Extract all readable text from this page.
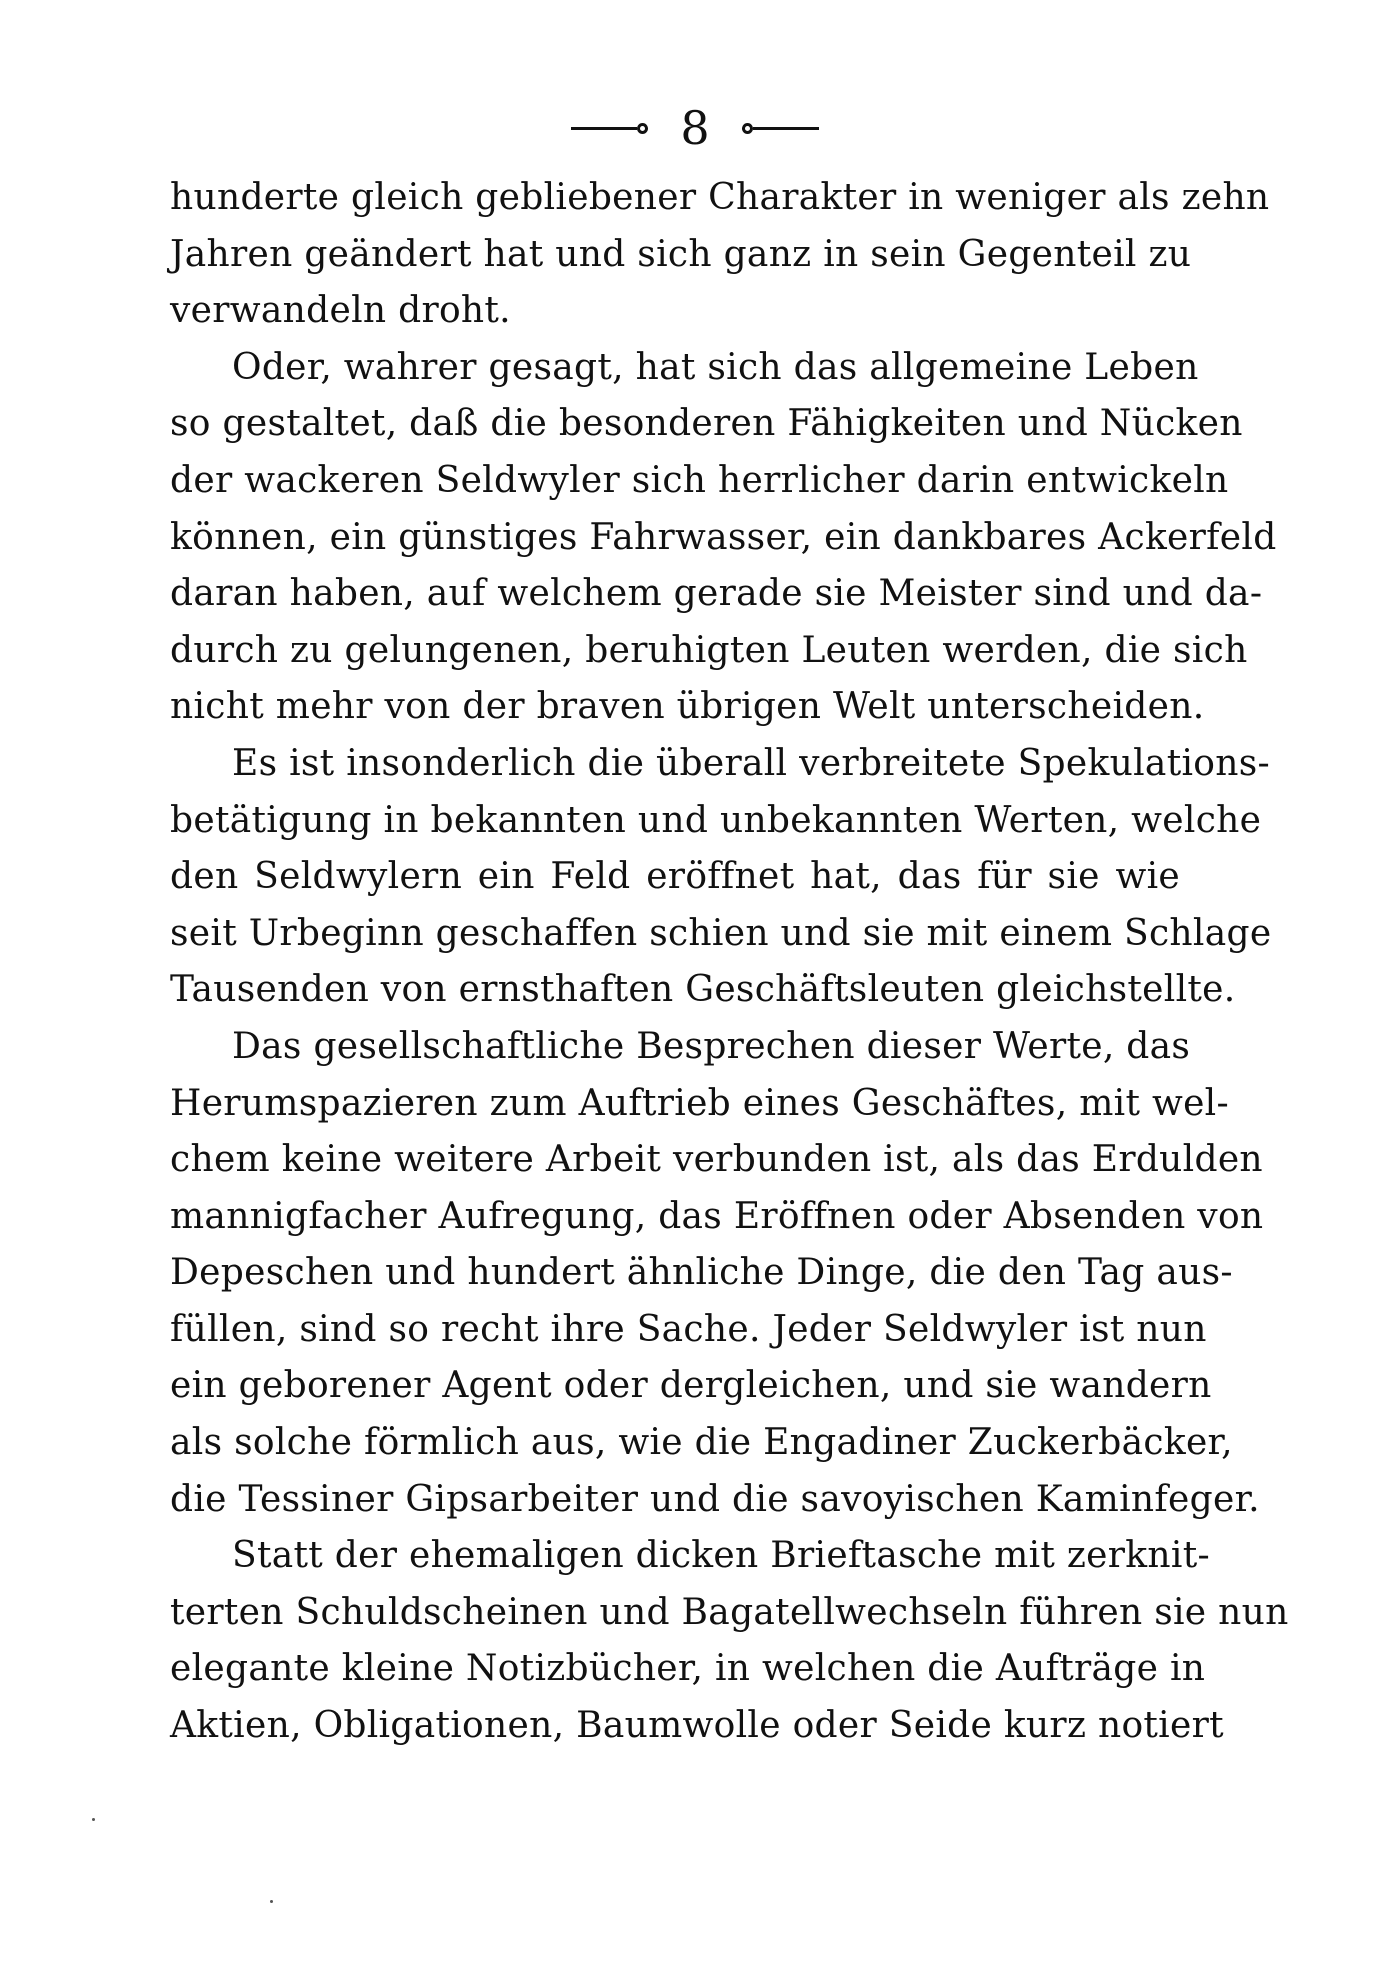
8
hunderte gleich gebliebener Charakter in weniger als zehn
Jahren geändert hat und sich ganz in sein Gegenteil zu
verwandeln droht.
Oder, wahrer gesagt, hat sich das allgemeine Leben
so gestaltet, daß die besonderen Fähigkeiten und Nücken
der wackeren Seldwyler sich herrlicher darin entwickeln
können, ein günstiges Fahrwasser, ein dankbares Ackerfeld
daran haben, auf welchem gerade sie Meister sind und da-
durch zu gelungenen, beruhigten Leuten werden, die sich
nicht mehr von der braven übrigen Welt unterscheiden.
Es ist insonderlich die überall verbreitete Spekulations-
betätigung in bekannten und unbekannten Werten, welche
den Seldwylern ein Feld eröffnet hat, das für sie wie
seit Urbeginn geschaffen schien und sie mit einem Schlage
Tausenden von ernsthaften Geschäftsleuten gleichstellte.
Das gesellschaftliche Besprechen dieser Werte, das
Herumspazieren zum Auftrieb eines Geschäftes, mit wel-
chem keine weitere Arbeit verbunden ist, als das Erdulden
mannigfacher Aufregung, das Eröffnen oder Absenden von
Depeschen und hundert ähnliche Dinge, die den Tag aus-
füllen, sind so recht ihre Sache. Jeder Seldwyler ist nun
ein geborener Agent oder dergleichen, und sie wandern
als solche förmlich aus, wie die Engadiner Zuckerbäcker,
die Tessiner Gipsarbeiter und die savoyischen Kaminfeger.
Statt der ehemaligen dicken Brieftasche mit zerknit-
terten Schuldscheinen und Bagatellwechseln führen sie nun
elegante kleine Notizbücher, in welchen die Aufträge in
Aktien, Obligationen, Baumwolle oder Seide kurz notiert
